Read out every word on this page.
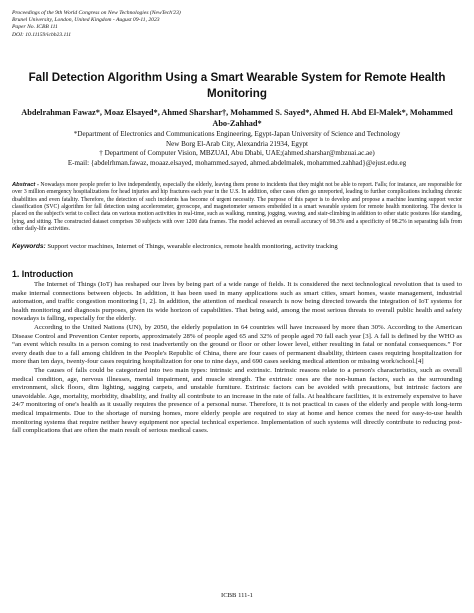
Proceedings of the 9th World Congress on New Technologies (NewTech'23)
Brunel University, London, United Kingdom - August 09-11, 2023
Paper No. ICBB 111
DOI: 10.11159/icbb23.111
Fall Detection Algorithm Using a Smart Wearable System for Remote Health Monitoring
Abdelrahman Fawaz*, Moaz Elsayed*, Ahmed Sharshar†, Mohammed S. Sayed*, Ahmed H. Abd El-Malek*, Mohammed Abo-Zahhad*
*Department of Electronics and Communications Engineering, Egypt-Japan University of Science and Technology
New Borg El-Arab City, Alexandria 21934, Egypt
† Department of Computer Vision, MBZUAI, Abu Dhabi, UAE;(ahmed.sharshar@mbzuai.ac.ae)
E-mail: {abdelrhman.fawaz, moaaz.elsayed, mohammed.sayed, ahmed.abdelmalek, mohammed.zahhad}@ejust.edu.eg
Abstract - Nowadays more people prefer to live independently, especially the elderly, leaving them prone to incidents that they might not be able to report. Falls; for instance, are responsible for over 3 million emergency hospitalizations for head injuries and hip fractures each year in the U.S. In addition, other cases often go unreported, leading to further complications including chronic disabilities and even fatality. Therefore, the detection of such incidents has become of urgent necessity. The purpose of this paper is to develop and propose a machine learning support vector classification (SVC) algorithm for fall detection using accelerometer, gyroscope, and magnetometer sensors embedded in a smart wearable system for remote health monitoring. The device is placed on the subject's wrist to collect data on various motion activities in real-time, such as walking, running, jogging, waving, and stair-climbing in addition to other static postures like standing, lying, and sitting. The constructed dataset comprises 30 subjects with over 1200 data frames. The model achieved an overall accuracy of 98.3% and a specificity of 98.2% in separating falls from other daily-life activities.
Keywords: Support vector machines, Internet of Things, wearable electronics, remote health monitoring, activity tracking
1. Introduction

The Internet of Things (IoT) has reshaped our lives by being part of a wide range of fields. It is considered the next technological revolution that is used to make internal connections between objects. In addition, it has been used in many applications such as smart cities, smart homes, waste management, industrial automation, and traffic congestion monitoring [1, 2]. In addition, the attention of medical research is now being directed towards the integration of IoT systems for health monitoring and diagnosis purposes, given its wide horizon of capabilities. That being said, among the most serious threats to overall public health and safety nowadays is falling, especially for the elderly.

According to the United Nations (UN), by 2050, the elderly population in 64 countries will have increased by more than 30%. According to the American Disease Control and Prevention Center reports, approximately 28% of people aged 65 and 32% of people aged 70 fall each year [3]. A fall is defined by the WHO as “an event which results in a person coming to rest inadvertently on the ground or floor or other lower level, either resulting in fatal or nonfatal consequences.” For every death due to a fall among children in the People's Republic of China, there are four cases of permanent disability, thirteen cases requiring hospitalization for more than ten days, twenty-four cases requiring hospitalization for one to nine days, and 690 cases seeking medical attention or missing work/school.[4]

The causes of falls could be categorized into two main types: intrinsic and extrinsic. Intrinsic reasons relate to a person's characteristics, such as overall medical condition, age, nervous illnesses, mental impairment, and muscle strength. The extrinsic ones are the non-human factors, such as the surrounding environment, slick floors, dim lighting, sagging carpets, and unstable furniture. Extrinsic factors can be avoided with precautions, but intrinsic factors are unavoidable. Age, mortality, morbidity, disability, and frailty all contribute to an increase in the rate of falls. At healthcare facilities, it is extremely expensive to have 24/7 monitoring of one's health as it usually requires the presence of a personal nurse. Therefore, it is not practical in cases of the elderly and people with long-term medical impairments. Due to the shortage of nursing homes, more elderly people are required to stay at home and hence comes the need for easy-to-use health monitoring systems that require neither heavy equipment nor special technical experience. Implementation of such systems will directly contribute to reducing post-fall complications that are often the main result of serious medical cases.

ICBB 111-1
